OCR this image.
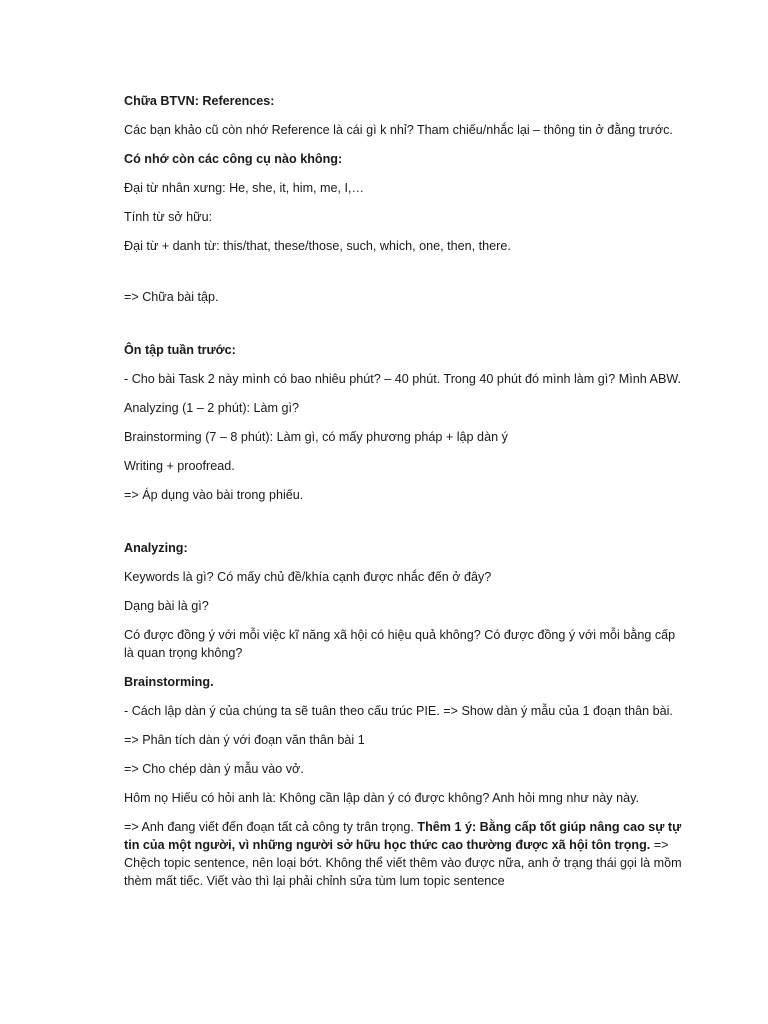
Chữa BTVN: References:

Các bạn khảo cũ còn nhớ Reference là cái gì k nhỉ? Tham chiếu/nhắc lại – thông tin ở đằng trước.

Có nhớ còn các công cụ nào không:

Đại từ nhân xưng: He, she, it, him, me, I,…

Tính từ sở hữu:

Đại từ + danh từ: this/that, these/those, such, which, one, then, there.

=> Chữa bài tập.

Ôn tập tuần trước:

- Cho bài Task 2 này mình có bao nhiêu phút? – 40 phút. Trong 40 phút đó mình làm gì? Mình ABW.

Analyzing (1 – 2 phút): Làm gì?

Brainstorming (7 – 8 phút): Làm gì, có mấy phương pháp + lập dàn ý

Writing + proofread.

=> Áp dụng vào bài trong phiếu.

Analyzing:

Keywords là gì? Có mấy chủ đề/khía cạnh được nhắc đến ở đây?

Dạng bài là gì?

Có được đồng ý với mỗi việc kĩ năng xã hội có hiệu quả không? Có được đồng ý với mỗi bằng cấp là quan trọng không?

Brainstorming.

- Cách lập dàn ý của chúng ta sẽ tuân theo cấu trúc PIE. => Show dàn ý mẫu của 1 đoạn thân bài.

=> Phân tích dàn ý với đoạn văn thân bài 1

=> Cho chép dàn ý mẫu vào vở.

Hôm nọ Hiếu có hỏi anh là: Không cần lập dàn ý có được không? Anh hỏi mng như này này.

=> Anh đang viết đến đoạn tất cả công ty trân trọng. Thêm 1 ý: Bằng cấp tốt giúp nâng cao sự tự tin của một người, vì những người sở hữu học thức cao thường được xã hội tôn trọng. => Chệch topic sentence, nên loại bớt. Không thể viết thêm vào được nữa, anh ở trạng thái gọi là mồm thèm mất tiếc. Viết vào thì lại phải chỉnh sửa tùm lum topic sentence
